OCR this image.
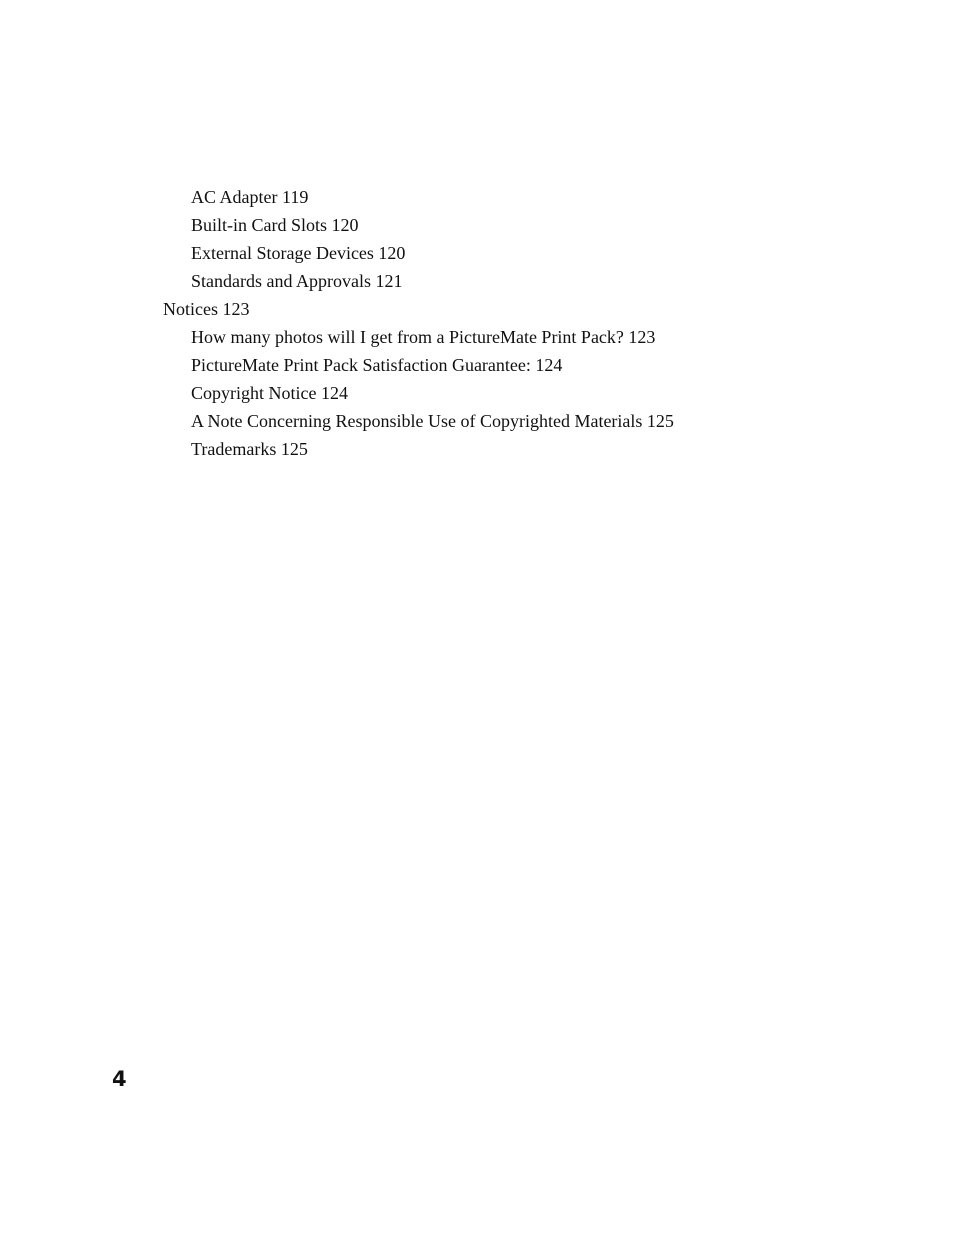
AC Adapter 119
Built-in Card Slots 120
External Storage Devices 120
Standards and Approvals 121
Notices 123
How many photos will I get from a PictureMate Print Pack? 123
PictureMate Print Pack Satisfaction Guarantee: 124
Copyright Notice 124
A Note Concerning Responsible Use of Copyrighted Materials 125
Trademarks 125
4
